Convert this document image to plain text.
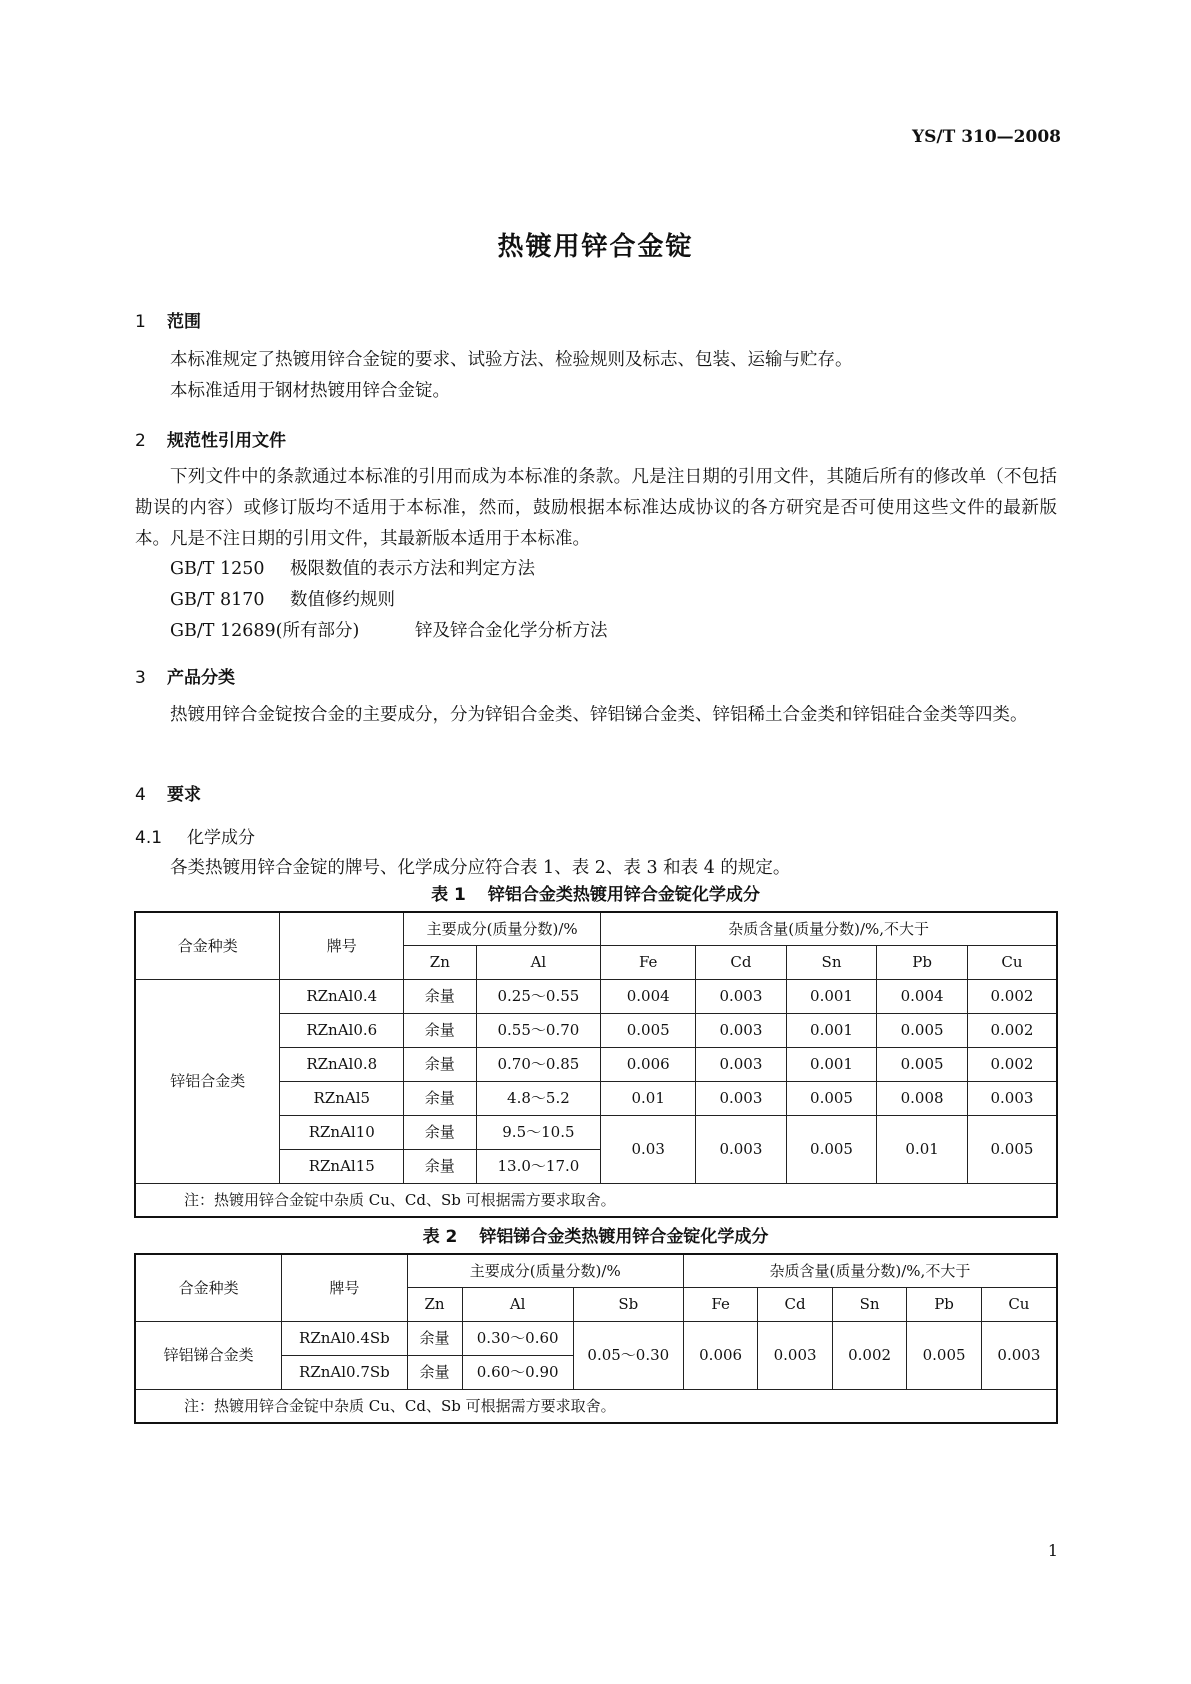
YS/T 310—2008
热镀用锌合金锭
1 范围
本标准规定了热镀用锌合金锭的要求、试验方法、检验规则及标志、包装、运输与贮存。
本标准适用于钢材热镀用锌合金锭。
2 规范性引用文件
下列文件中的条款通过本标准的引用而成为本标准的条款。凡是注日期的引用文件，其随后所有的修改单（不包括勘误的内容）或修订版均不适用于本标准，然而，鼓励根据本标准达成协议的各方研究是否可使用这些文件的最新版本。凡是不注日期的引用文件，其最新版本适用于本标准。
GB/T 1250 极限数值的表示方法和判定方法
GB/T 8170 数值修约规则
GB/T 12689(所有部分)	锌及锌合金化学分析方法
3 产品分类
热镀用锌合金锭按合金的主要成分，分为锌铝合金类、锌铝锑合金类、锌铝稀土合金类和锌铝硅合金类等四类。
4 要求
4.1 化学成分
各类热镀用锌合金锭的牌号、化学成分应符合表 1、表 2、表 3 和表 4 的规定。
表 1 锌铝合金类热镀用锌合金锭化学成分
合金种类	牌号	主要成分(质量分数)/%		杂质含量(质量分数)/%,不大于				
		Zn	Al	Fe	Cd	Sn	Pb	Cu
锌铝合金类	RZnAl0.4	余量	0.25～0.55	0.004	0.003	0.001	0.004	0.002
	RZnAl0.6	余量	0.55～0.70	0.005	0.003	0.001	0.005	0.002
	RZnAl0.8	余量	0.70～0.85	0.006	0.003	0.001	0.005	0.002
	RZnAl5	余量	4.8～5.2	0.01	0.003	0.005	0.008	0.003
	RZnAl10	余量	9.5～10.5	0.03	0.003	0.005	0.01	0.005
	RZnAl15	余量	13.0～17.0					
注：热镀用锌合金锭中杂质 Cu、Cd、Sb 可根据需方要求取舍。								
表 2 锌铝锑合金类热镀用锌合金锭化学成分
合金种类	牌号	主要成分(质量分数)/%			杂质含量(质量分数)/%,不大于				
		Zn	Al	Sb	Fe	Cd	Sn	Pb	Cu
锌铝锑合金类	RZnAl0.4Sb	余量	0.30～0.60	0.05～0.30	0.006	0.003	0.002	0.005	0.003
	RZnAl0.7Sb	余量	0.60～0.90						
注：热镀用锌合金锭中杂质 Cu、Cd、Sb 可根据需方要求取舍。									
1
